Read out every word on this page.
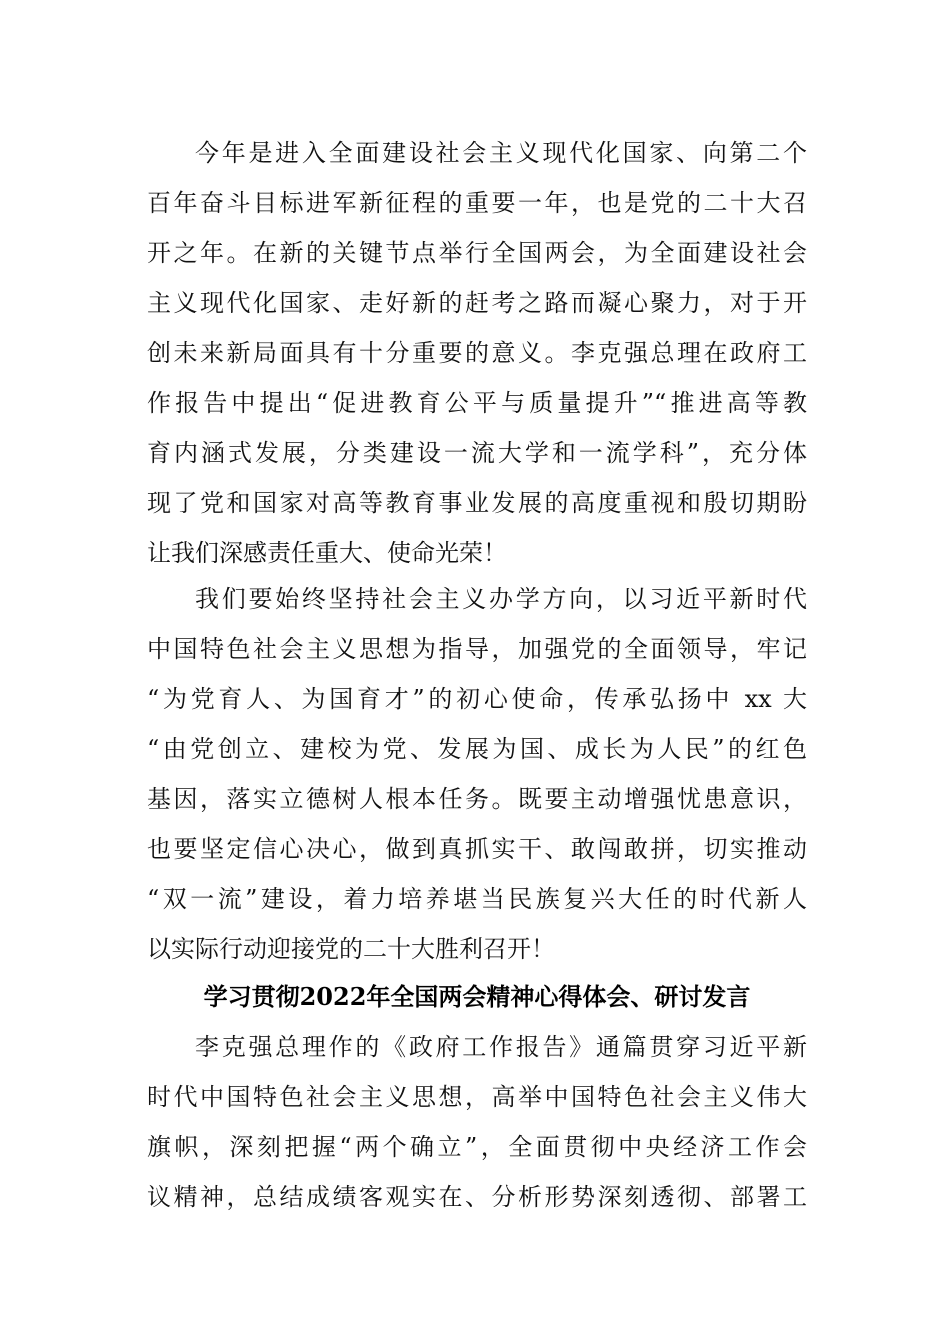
今年是进入全面建设社会主义现代化国家、向第二个
百年奋斗目标进军新征程的重要一年，也是党的二十大召
开之年。在新的关键节点举行全国两会，为全面建设社会
主义现代化国家、走好新的赶考之路而凝心聚力，对于开
创未来新局面具有十分重要的意义。李克强总理在政府工
作报告中提出“促进教育公平与质量提升”“推进高等教
育内涵式发展，分类建设一流大学和一流学科”，充分体
现了党和国家对高等教育事业发展的高度重视和殷切期盼
让我们深感责任重大、使命光荣！
我们要始终坚持社会主义办学方向，以习近平新时代
中国特色社会主义思想为指导，加强党的全面领导，牢记
“为党育人、为国育才”的初心使命，传承弘扬中 xx 大
“由党创立、建校为党、发展为国、成长为人民”的红色
基因，落实立德树人根本任务。既要主动增强忧患意识，
也要坚定信心决心，做到真抓实干、敢闯敢拼，切实推动
“双一流”建设，着力培养堪当民族复兴大任的时代新人
以实际行动迎接党的二十大胜利召开！
学习贯彻2022年全国两会精神心得体会、研讨发言
李克强总理作的《政府工作报告》通篇贯穿习近平新
时代中国特色社会主义思想，高举中国特色社会主义伟大
旗帜，深刻把握“两个确立”，全面贯彻中央经济工作会
议精神，总结成绩客观实在、分析形势深刻透彻、部署工
